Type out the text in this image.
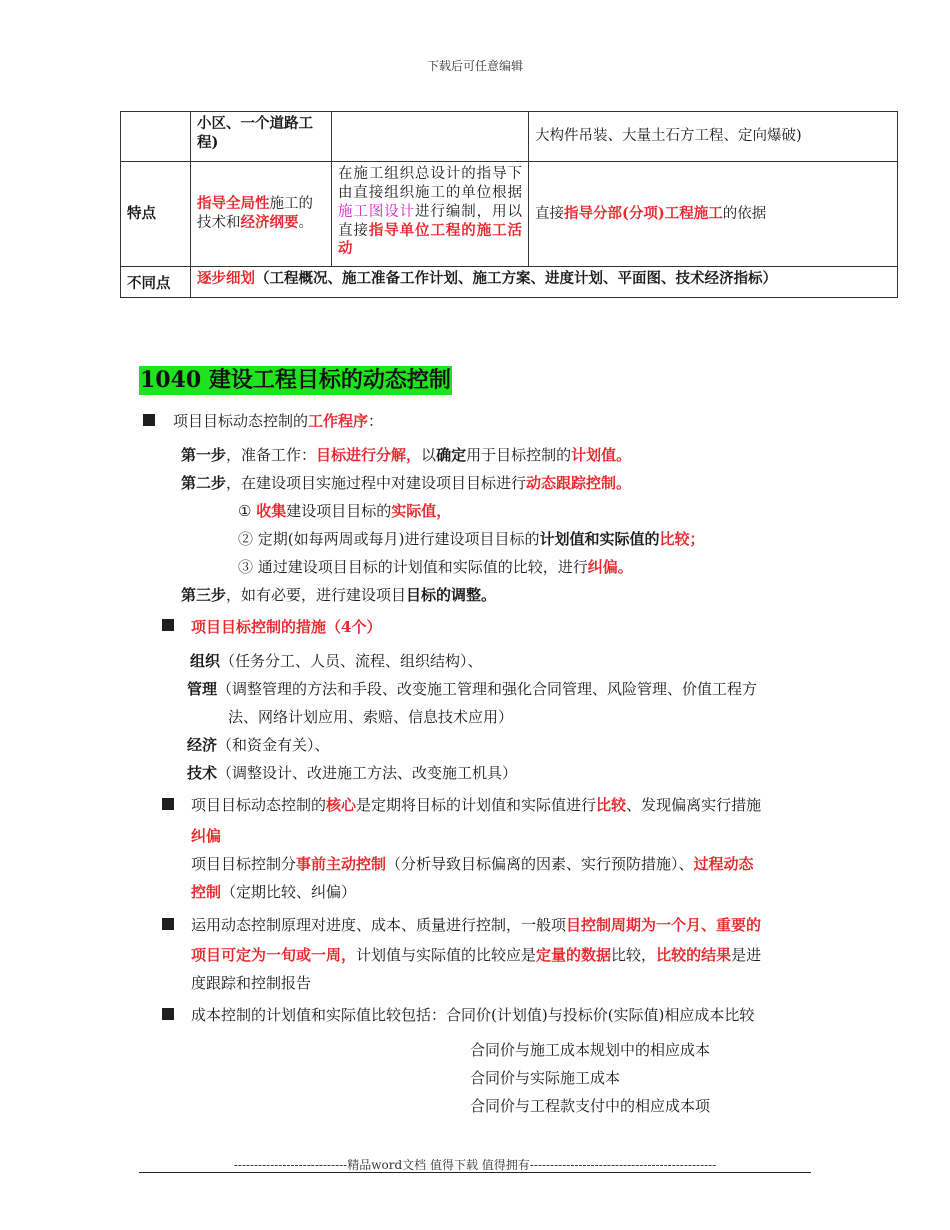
下载后可任意编辑
	小区、一个道路工程)		大构件吊装、大量土石方工程、定向爆破)
特点	指导全局性施工的技术和经济纲要。	在施工组织总设计的指导下由直接组织施工的单位根据施工图设计进行编制，用以直接指导单位工程的施工活动	直接指导分部(分项)工程施工的依据
不同点	逐步细划（工程概况、施工准备工作计划、施工方案、进度计划、平面图、技术经济指标）		
1040 建设工程目标的动态控制
项目目标动态控制的工作程序：
第一步，准备工作：目标进行分解，以确定用于目标控制的计划值。
第二步，在建设项目实施过程中对建设项目目标进行动态跟踪控制。
① 收集建设项目目标的实际值，
② 定期(如每两周或每月)进行建设项目目标的计划值和实际值的比较；
③ 通过建设项目目标的计划值和实际值的比较，进行纠偏。
第三步，如有必要，进行建设项目目标的调整。
项目目标控制的措施（4个）
组织（任务分工、人员、流程、组织结构）、
管理（调整管理的方法和手段、改变施工管理和强化合同管理、风险管理、价值工程方
法、网络计划应用、索赔、信息技术应用）
经济（和资金有关）、
技术（调整设计、改进施工方法、改变施工机具）
项目目标动态控制的核心是定期将目标的计划值和实际值进行比较、发现偏离实行措施
纠偏
项目目标控制分事前主动控制（分析导致目标偏离的因素、实行预防措施）、过程动态
控制（定期比较、纠偏）
运用动态控制原理对进度、成本、质量进行控制，一般项目控制周期为一个月、重要的
项目可定为一旬或一周，计划值与实际值的比较应是定量的数据比较，比较的结果是进
度跟踪和控制报告
成本控制的计划值和实际值比较包括：合同价(计划值)与投标价(实际值)相应成本比较
合同价与施工成本规划中的相应成本
合同价与实际施工成本
合同价与工程款支付中的相应成本项
----------------------------精品word文档 值得下载 值得拥有----------------------------------------------
